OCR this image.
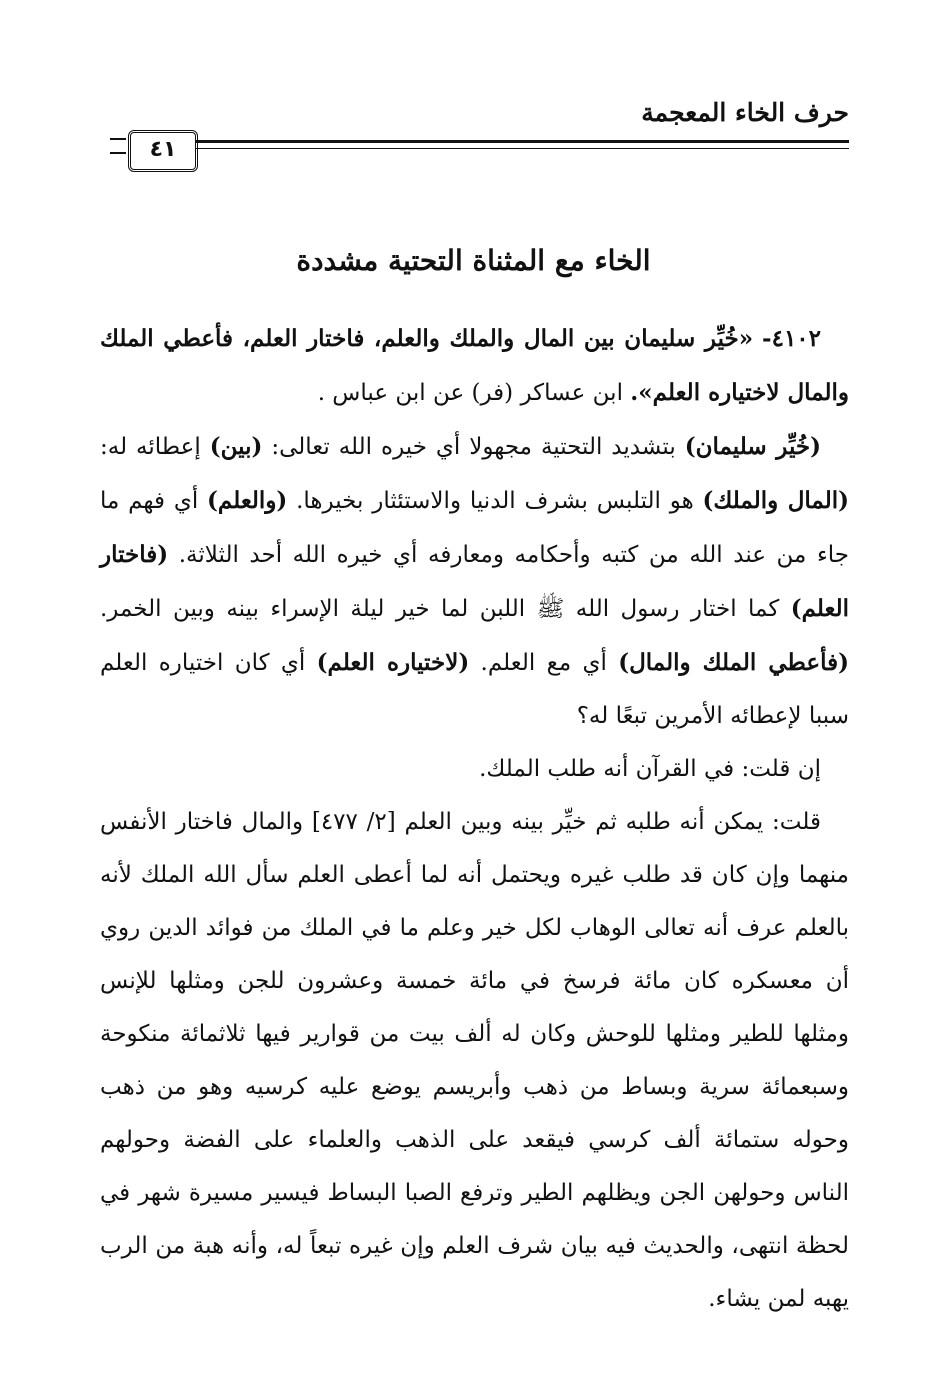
حرف الخاء المعجمة
٤١
الخاء مع المثناة التحتية مشددة

٤١٠٢- «خُيِّر سليمان بين المال والملك والعلم، فاختار العلم، فأعطي الملك والمال لاختياره العلم». ابن عساكر (فر) عن ابن عباس .

(خُيِّر سليمان) بتشديد التحتية مجهولا أي خيره الله تعالى: (بين) إعطائه له: (المال والملك) هو التلبس بشرف الدنيا والاستئثار بخيرها. (والعلم) أي فهم ما جاء من عند الله من كتبه وأحكامه ومعارفه أي خيره الله أحد الثلاثة. (فاختار العلم) كما اختار رسول الله ﷺ اللبن لما خير ليلة الإسراء بينه وبين الخمر. (فأعطي الملك والمال) أي مع العلم. (لاختياره العلم) أي كان اختياره العلم سببا لإعطائه الأمرين تبعًا له؟

إن قلت: في القرآن أنه طلب الملك.

قلت: يمكن أنه طلبه ثم خيِّر بينه وبين العلم [٢/ ٤٧٧] والمال فاختار الأنفس منهما وإن كان قد طلب غيره ويحتمل أنه لما أعطى العلم سأل الله الملك لأنه بالعلم عرف أنه تعالى الوهاب لكل خير وعلم ما في الملك من فوائد الدين روي أن معسكره كان مائة فرسخ في مائة خمسة وعشرون للجن ومثلها للإنس ومثلها للطير ومثلها للوحش وكان له ألف بيت من قوارير فيها ثلاثمائة منكوحة وسبعمائة سرية وبساط من ذهب وأبريسم يوضع عليه كرسيه وهو من ذهب وحوله ستمائة ألف كرسي فيقعد على الذهب والعلماء على الفضة وحولهم الناس وحولهن الجن ويظلهم الطير وترفع الصبا البساط فيسير مسيرة شهر في لحظة انتهى، والحديث فيه بيان شرف العلم وإن غيره تبعاً له، وأنه هبة من الرب يهبه لمن يشاء.
